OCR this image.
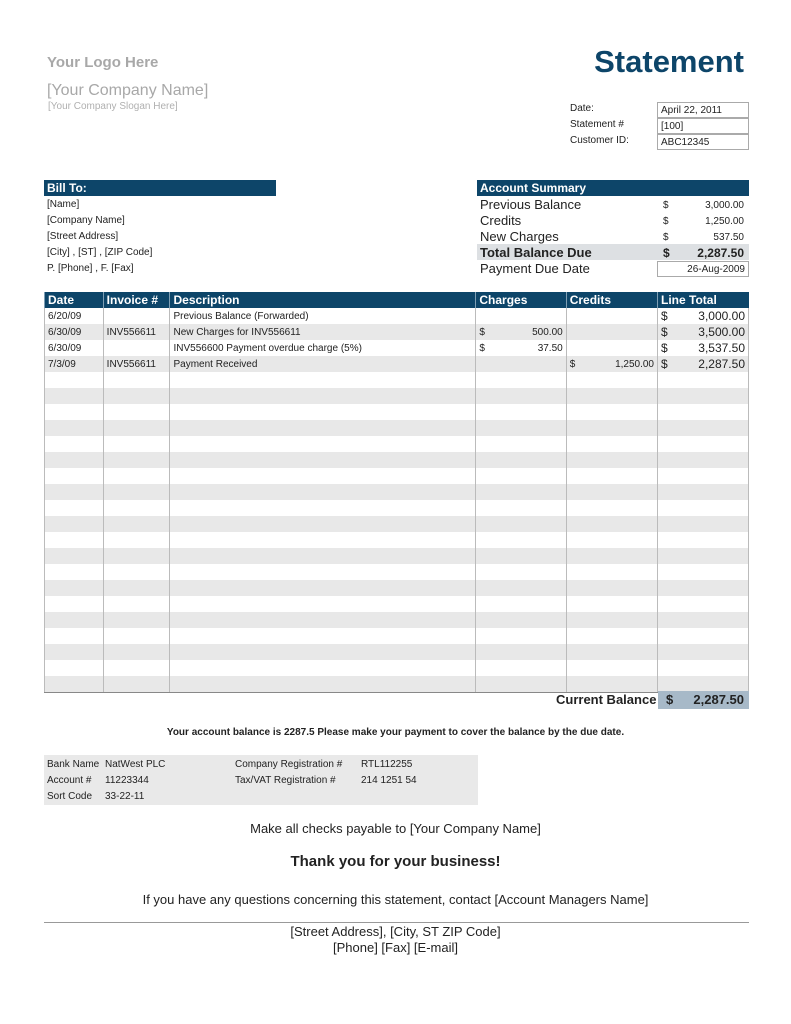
Your Logo Here
[Your Company Name]
[Your Company Slogan Here]
Statement
Bill To:	Account Summary
Date	Invoice #	Description	Charges	Credits	Line Total
6/20/09		Previous Balance (Forwarded)			$ 3,000.00

6/30/09	INV556611	New Charges for INV556611	$ 500.00		$ 3,500.00

6/30/09		INV556600 Payment overdue charge (5%)	$ 37.50		$ 3,537.50

7/3/09	INV556611	Payment Received		$ 1,250.00	$ 2,287.50

Current Balance $ 2,287.50
Your account balance is 2287.5 Please make your payment to cover the balance by the due date.
Bank Name NatWest PLC
Account # 11223344
Sort Code 33-22-11
Company Registration # RTL112255
Tax/VAT Registration #	214 1251 54
Make all checks payable to [Your Company Name]
Thank you for your business!
If you have any questions concerning this statement, contact [Account Managers Name]
[Street Address], [City, ST ZIP Code]
[Phone] [Fax] [E-mail]
Date:	April 22, 2011
Statement #	[100]
Customer ID:	ABC12345
[Name]
[Company Name]
[Street Address]
[City] , [ST] , [ZIP Code]
P. [Phone] , F. [Fax]
Previous Balance	$	3,000.00
Credits	$	1,250.00
New Charges	$	537.50
Total Balance Due	$ 2,287.50
Payment Due Date	26-Aug-2009
